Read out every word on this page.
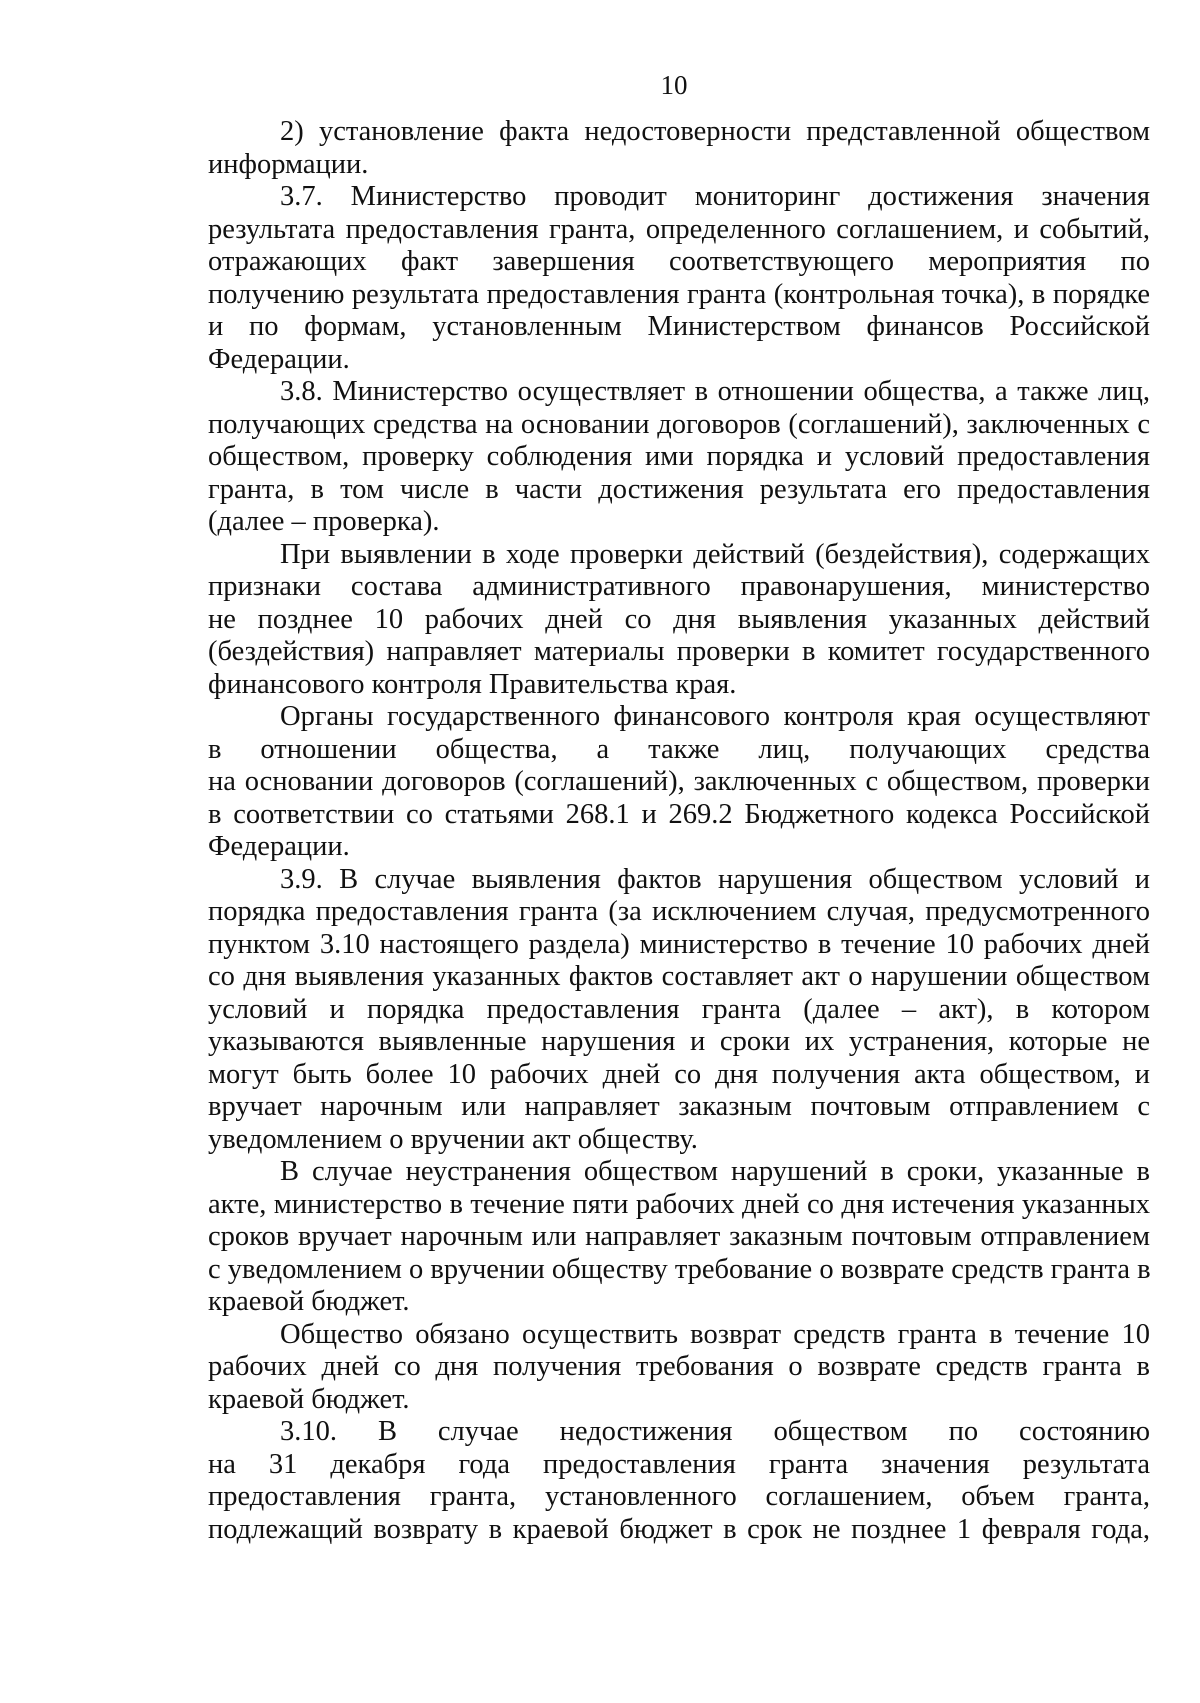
10
2) установление факта недостоверности представленной обществом
информации.
3.7. Министерство проводит мониторинг достижения значения
результата предоставления гранта, определенного соглашением, и событий,
отражающих факт завершения соответствующего мероприятия по
получению результата предоставления гранта (контрольная точка), в порядке
и по формам, установленным Министерством финансов Российской
Федерации.
3.8. Министерство осуществляет в отношении общества, а также лиц,
получающих средства на основании договоров (соглашений), заключенных с
обществом, проверку соблюдения ими порядка и условий предоставления
гранта, в том числе в части достижения результата его предоставления
(далее – проверка).
При выявлении в ходе проверки действий (бездействия), содержащих
признаки состава административного правонарушения, министерство
не позднее 10 рабочих дней со дня выявления указанных действий
(бездействия) направляет материалы проверки в комитет государственного
финансового контроля Правительства края.
Органы государственного финансового контроля края осуществляют
в отношении общества, а также лиц, получающих средства
на основании договоров (соглашений), заключенных с обществом, проверки
в соответствии со статьями 268.1 и 269.2 Бюджетного кодекса Российской
Федерации.
3.9. В случае выявления фактов нарушения обществом условий и
порядка предоставления гранта (за исключением случая, предусмотренного
пунктом 3.10 настоящего раздела) министерство в течение 10 рабочих дней
со дня выявления указанных фактов составляет акт о нарушении обществом
условий и порядка предоставления гранта (далее – акт), в котором
указываются выявленные нарушения и сроки их устранения, которые не
могут быть более 10 рабочих дней со дня получения акта обществом, и
вручает нарочным или направляет заказным почтовым отправлением с
уведомлением о вручении акт обществу.
В случае неустранения обществом нарушений в сроки, указанные в
акте, министерство в течение пяти рабочих дней со дня истечения указанных
сроков вручает нарочным или направляет заказным почтовым отправлением
с уведомлением о вручении обществу требование о возврате средств гранта в
краевой бюджет.
Общество обязано осуществить возврат средств гранта в течение 10
рабочих дней со дня получения требования о возврате средств гранта в
краевой бюджет.
3.10. В случае недостижения обществом по состоянию
на 31 декабря года предоставления гранта значения результата
предоставления гранта, установленного соглашением, объем гранта,
подлежащий возврату в краевой бюджет в срок не позднее 1 февраля года,
